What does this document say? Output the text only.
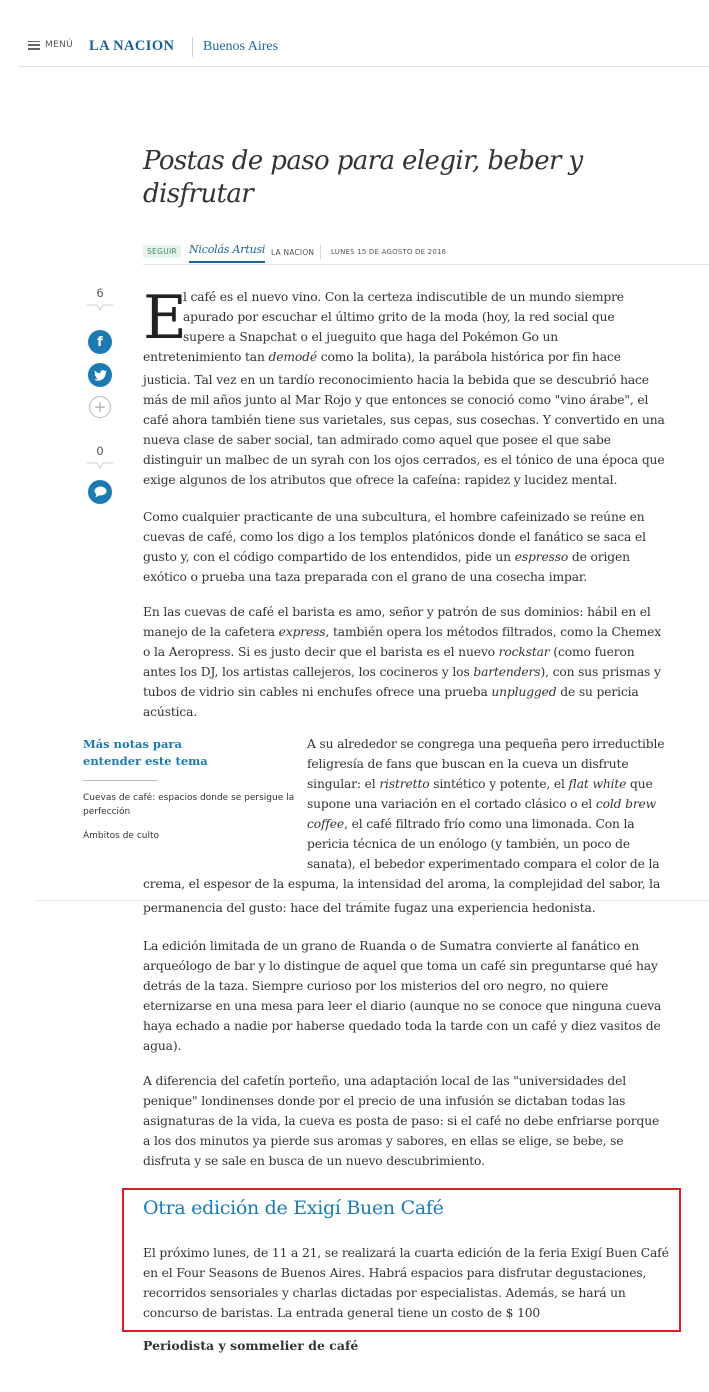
MENÚ LA NACION Buenos Aires
Postas de paso para elegir, beber y disfrutar
SEGUIR	Nicolás Artusi LA NACION LUNES 15 DE AGOSTO DE 2016
6
f
+
0
E
l café es el nuevo vino. Con la certeza indiscutible de un mundo siempre
apurado por escuchar el último grito de la moda (hoy, la red social que
supere a Snapchat o el jueguito que haga del Pokémon Go un
entretenimiento tan demodé como la bolita), la parábola histórica por fin hace

justicia. Tal vez en un tardío reconocimiento hacia la bebida que se descubrió hace más de mil años junto al Mar Rojo y que entonces se conoció como "vino árabe", el café ahora también tiene sus varietales, sus cepas, sus cosechas. Y convertido en una nueva clase de saber social, tan admirado como aquel que posee el que sabe distinguir un malbec de un syrah con los ojos cerrados, es el tónico de una época que exige algunos de los atributos que ofrece la cafeína: rapidez y lucidez mental.

Como cualquier practicante de una subcultura, el hombre cafeinizado se reúne en cuevas de café, como los digo a los templos platónicos donde el fanático se saca el gusto y, con el código compartido de los entendidos, pide un espresso de origen exótico o prueba una taza preparada con el grano de una cosecha impar.

En las cuevas de café el barista es amo, señor y patrón de sus dominios: hábil en el manejo de la cafetera express, también opera los métodos filtrados, como la Chemex o la Aeropress. Si es justo decir que el barista es el nuevo rockstar (como fueron antes los DJ, los artistas callejeros, los cocineros y los bartenders), con sus prismas y tubos de vidrio sin cables ni enchufes ofrece una prueba unplugged de su pericia acústica.

Más notas para entender este tema
Cuevas de café: espacios donde se persigue la perfección
Ámbitos de culto
A su alrededor se congrega una pequeña pero irreductible
feligresía de fans que buscan en la cueva un disfrute
singular: el ristretto sintético y potente, el flat white que
supone una variación en el cortado clásico o el cold brew
coffee, el café filtrado frío como una limonada. Con la
pericia técnica de un enólogo (y también, un poco de
sanata), el bebedor experimentado compara el color de la
crema, el espesor de la espuma, la intensidad del aroma, la complejidad del sabor, la
permanencia del gusto: hace del trámite fugaz una experiencia hedonista.

La edición limitada de un grano de Ruanda o de Sumatra convierte al fanático en arqueólogo de bar y lo distingue de aquel que toma un café sin preguntarse qué hay detrás de la taza. Siempre curioso por los misterios del oro negro, no quiere eternizarse en una mesa para leer el diario (aunque no se conoce que ninguna cueva haya echado a nadie por haberse quedado toda la tarde con un café y diez vasitos de agua).

A diferencia del cafetín porteño, una adaptación local de las "universidades del penique" londinenses donde por el precio de una infusión se dictaban todas las asignaturas de la vida, la cueva es posta de paso: si el café no debe enfriarse porque a los dos minutos ya pierde sus aromas y sabores, en ellas se elige, se bebe, se disfruta y se sale en busca de un nuevo descubrimiento.

Otra edición de Exigí Buen Café

El próximo lunes, de 11 a 21, se realizará la cuarta edición de la feria Exigí Buen Café en el Four Seasons de Buenos Aires. Habrá espacios para disfrutar degustaciones, recorridos sensoriales y charlas dictadas por especialistas. Además, se hará un concurso de baristas. La entrada general tiene un costo de $ 100

Periodista y sommelier de café
